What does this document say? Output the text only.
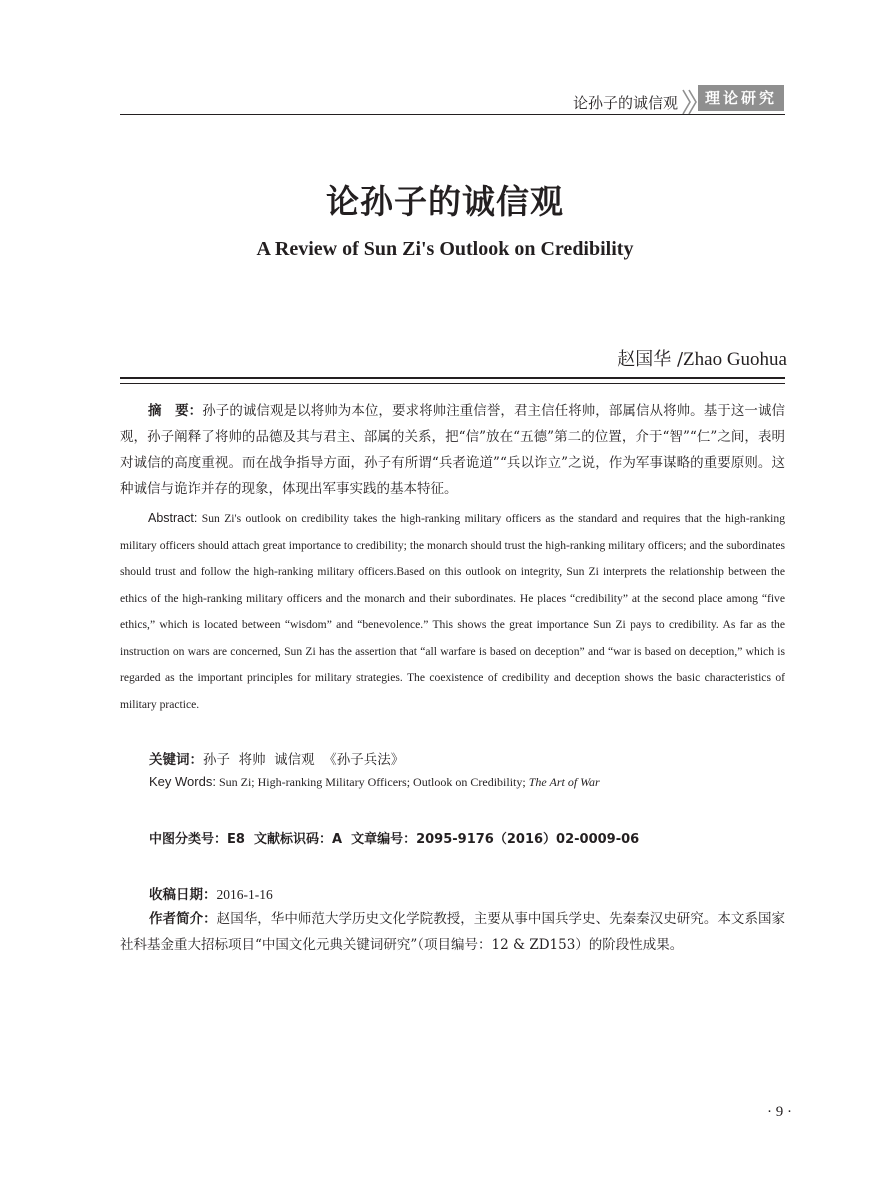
论孙子的诚信观	理论研究
论孙子的诚信观
A Review of Sun Zi's Outlook on Credibility
赵国华 /Zhao Guohua

摘　要：孙子的诚信观是以将帅为本位，要求将帅注重信誉，君主信任将帅，部属信从将帅。基于这一诚信观，孙子阐释了将帅的品德及其与君主、部属的关系，把“信”放在“五德”第二的位置，介于“智”“仁”之间，表明对诚信的高度重视。而在战争指导方面，孙子有所谓“兵者诡道”“兵以诈立”之说，作为军事谋略的重要原则。这种诚信与诡诈并存的现象，体现出军事实践的基本特征。

Abstract: Sun Zi's outlook on credibility takes the high-ranking military officers as the standard and requires that the high-ranking military officers should attach great importance to credibility; the monarch should trust the high-ranking military officers; and the subordinates should trust and follow the high-ranking military officers.Based on this outlook on integrity, Sun Zi interprets the relationship between the ethics of the high-ranking military officers and the monarch and their subordinates. He places “credibility” at the second place among “five ethics,” which is located between “wisdom” and “benevolence.” This shows the great importance Sun Zi pays to credibility. As far as the instruction on wars are concerned, Sun Zi has the assertion that “all warfare is based on deception” and “war is based on deception,” which is regarded as the important principles for military strategies. The coexistence of credibility and deception shows the basic characteristics of military practice.

关键词：孙子  将帅  诚信观  《孙子兵法》
Key Words: Sun Zi; High-ranking Military Officers; Outlook on Credibility; The Art of War
中图分类号：E8  文献标识码：A  文章编号：2095-9176（2016）02-0009-06
收稿日期：2016-1-16

作者简介：赵国华，华中师范大学历史文化学院教授，主要从事中国兵学史、先秦秦汉史研究。本文系国家社科基金重大招标项目“中国文化元典关键词研究”（项目编号：12 & ZD153）的阶段性成果。

· 9 ·
